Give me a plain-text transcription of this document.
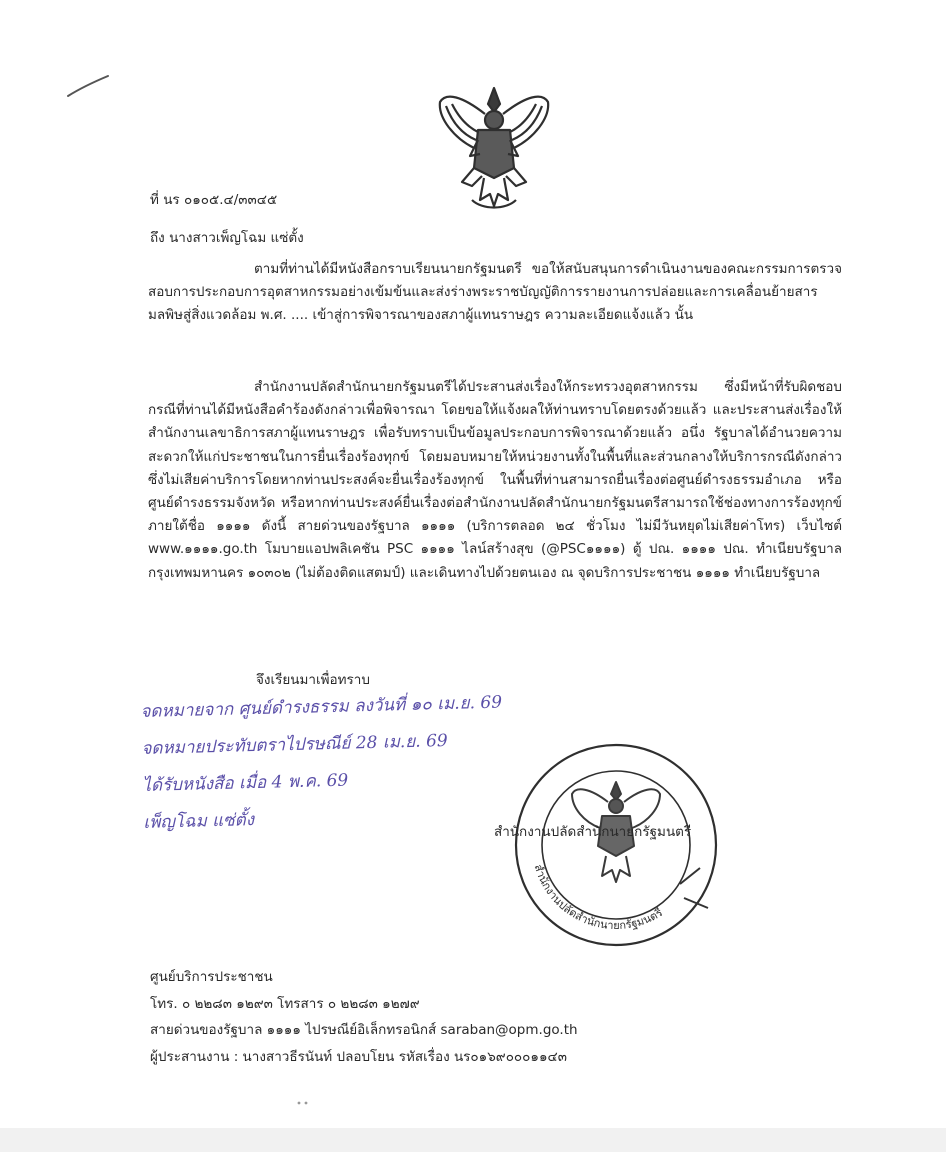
ที่ นร ๐๑๐๕.๔/๓๓๔๕
ถึง นางสาวเพ็ญโฉม แซ่ตั้ง

ตามที่ท่านได้มีหนังสือกราบเรียนนายกรัฐมนตรี ขอให้สนับสนุนการดำเนินงานของคณะกรรมการตรวจสอบการประกอบการอุตสาหกรรมอย่างเข้มข้นและส่งร่างพระราชบัญญัติการรายงานการปล่อยและการเคลื่อนย้ายสารมลพิษสู่สิ่งแวดล้อม พ.ศ. .... เข้าสู่การพิจารณาของสภาผู้แทนราษฎร ความละเอียดแจ้งแล้ว นั้น

สำนักงานปลัดสำนักนายกรัฐมนตรีได้ประสานส่งเรื่องให้กระทรวงอุตสาหกรรม ซึ่งมีหน้าที่รับผิดชอบกรณีที่ท่านได้มีหนังสือคำร้องดังกล่าวเพื่อพิจารณา โดยขอให้แจ้งผลให้ท่านทราบโดยตรงด้วยแล้ว และประสานส่งเรื่องให้สำนักงานเลขาธิการสภาผู้แทนราษฎร เพื่อรับทราบเป็นข้อมูลประกอบการพิจารณาด้วยแล้ว อนึ่ง รัฐบาลได้อำนวยความสะดวกให้แก่ประชาชนในการยื่นเรื่องร้องทุกข์ โดยมอบหมายให้หน่วยงานทั้งในพื้นที่และส่วนกลางให้บริการกรณีดังกล่าว ซึ่งไม่เสียค่าบริการโดยหากท่านประสงค์จะยื่นเรื่องร้องทุกข์ ในพื้นที่ท่านสามารถยื่นเรื่องต่อศูนย์ดำรงธรรมอำเภอ หรือศูนย์ดำรงธรรมจังหวัด หรือหากท่านประสงค์ยื่นเรื่องต่อสำนักงานปลัดสำนักนายกรัฐมนตรีสามารถใช้ช่องทางการร้องทุกข์ภายใต้ชื่อ ๑๑๑๑ ดังนี้ สายด่วนของรัฐบาล ๑๑๑๑ (บริการตลอด ๒๔ ชั่วโมง ไม่มีวันหยุดไม่เสียค่าโทร) เว็บไซต์ www.๑๑๑๑.go.th โมบายแอปพลิเคชัน PSC ๑๑๑๑ ไลน์สร้างสุข (@PSC๑๑๑๑) ตู้ ปณ. ๑๑๑๑ ปณ. ทำเนียบรัฐบาล กรุงเทพมหานคร ๑๐๓๐๒ (ไม่ต้องติดแสตมป์) และเดินทางไปด้วยตนเอง ณ จุดบริการประชาชน ๑๑๑๑ ทำเนียบรัฐบาล

จึงเรียนมาเพื่อทราบ
จดหมายจาก ศูนย์ดำรงธรรม ลงวันที่ ๑๐ เม.ย. 69
จดหมายประทับตราไปรษณีย์ 28 เม.ย. 69
ได้รับหนังสือ เมื่อ 4 พ.ค. 69
เพ็ญโฉม แซ่ตั้ง
สำนักงานปลัดสำนักนายกรัฐมนตรี
สำนักงานปลัดสำนักนายกรัฐมนตรี
ศูนย์บริการประชาชน
โทร. ๐ ๒๒๘๓ ๑๒๙๓ โทรสาร ๐ ๒๒๘๓ ๑๒๗๙
สายด่วนของรัฐบาล ๑๑๑๑ ไปรษณีย์อิเล็กทรอนิกส์ saraban@opm.go.th
ผู้ประสานงาน : นางสาวธีรนันท์ ปลอบโยน รหัสเรื่อง นร๐๑๖๙๐๐๐๑๑๔๓
